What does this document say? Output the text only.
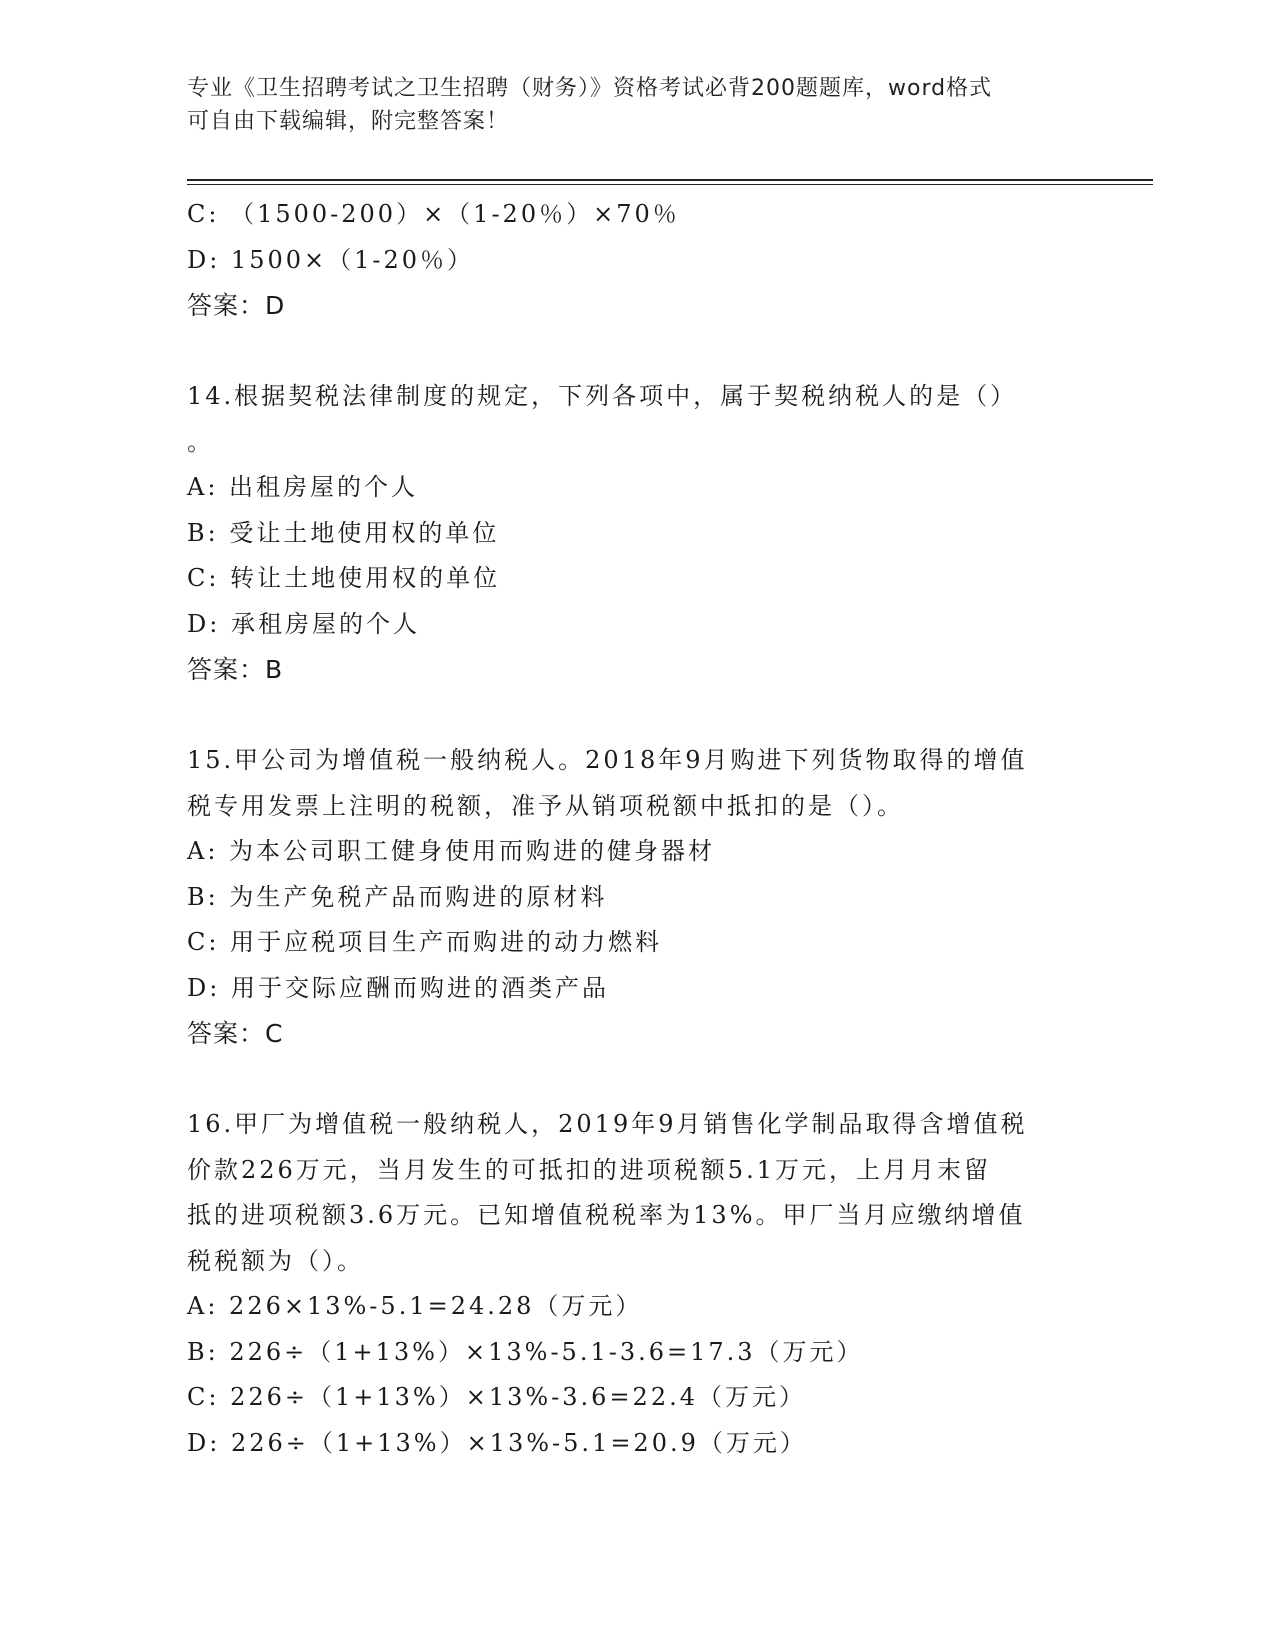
专业《卫生招聘考试之卫生招聘（财务）》资格考试必背200题题库，word格式
可自由下载编辑，附完整答案！
C: （1500-200）×（1-20％）×70％
D: 1500×（1-20％）
答案：D
14.根据契税法律制度的规定，下列各项中，属于契税纳税人的是（）
。
A: 出租房屋的个人
B: 受让土地使用权的单位
C: 转让土地使用权的单位
D: 承租房屋的个人
答案：B
15.甲公司为增值税一般纳税人。2018年9月购进下列货物取得的增值
税专用发票上注明的税额，准予从销项税额中抵扣的是（）。
A: 为本公司职工健身使用而购进的健身器材
B: 为生产免税产品而购进的原材料
C: 用于应税项目生产而购进的动力燃料
D: 用于交际应酬而购进的酒类产品
答案：C
16.甲厂为增值税一般纳税人，2019年9月销售化学制品取得含增值税
价款226万元，当月发生的可抵扣的进项税额5.1万元，上月月末留
抵的进项税额3.6万元。已知增值税税率为13%。甲厂当月应缴纳增值
税税额为（）。
A: 226×13%-5.1=24.28（万元）
B: 226÷（1+13%）×13%-5.1-3.6=17.3（万元）
C: 226÷（1+13%）×13%-3.6=22.4（万元）
D: 226÷（1+13%）×13%-5.1=20.9（万元）
